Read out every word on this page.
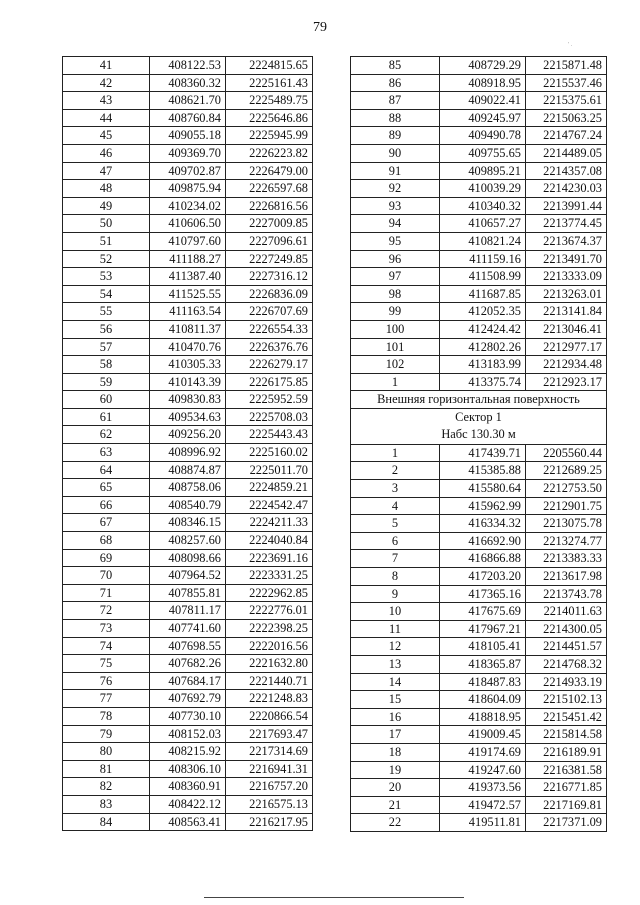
79
' .
41	408122.53	2224815.65
42	408360.32	2225161.43
43	408621.70	2225489.75
44	408760.84	2225646.86
45	409055.18	2225945.99
46	409369.70	2226223.82
47	409702.87	2226479.00
48	409875.94	2226597.68
49	410234.02	2226816.56
50	410606.50	2227009.85
51	410797.60	2227096.61
52	411188.27	2227249.85
53	411387.40	2227316.12
54	411525.55	2226836.09
55	411163.54	2226707.69
56	410811.37	2226554.33
57	410470.76	2226376.76
58	410305.33	2226279.17
59	410143.39	2226175.85
60	409830.83	2225952.59
61	409534.63	2225708.03
62	409256.20	2225443.43
63	408996.92	2225160.02
64	408874.87	2225011.70
65	408758.06	2224859.21
66	408540.79	2224542.47
67	408346.15	2224211.33
68	408257.60	2224040.84
69	408098.66	2223691.16
70	407964.52	2223331.25
71	407855.81	2222962.85
72	407811.17	2222776.01
73	407741.60	2222398.25
74	407698.55	2222016.56
75	407682.26	2221632.80
76	407684.17	2221440.71
77	407692.79	2221248.83
78	407730.10	2220866.54
79	408152.03	2217693.47
80	408215.92	2217314.69
81	408306.10	2216941.31
82	408360.91	2216757.20
83	408422.12	2216575.13
84	408563.41	2216217.95
85	408729.29	2215871.48
86	408918.95	2215537.46
87	409022.41	2215375.61
88	409245.97	2215063.25
89	409490.78	2214767.24
90	409755.65	2214489.05
91	409895.21	2214357.08
92	410039.29	2214230.03
93	410340.32	2213991.44
94	410657.27	2213774.45
95	410821.24	2213674.37
96	411159.16	2213491.70
97	411508.99	2213333.09
98	411687.85	2213263.01
99	412052.35	2213141.84
100	412424.42	2213046.41
101	412802.26	2212977.17
102	413183.99	2212934.48
1	413375.74	2212923.17
Внешняя горизонтальная поверхность		

Сектор 1
Набс 130.30 м		

1	417439.71	2205560.44
2	415385.88	2212689.25
3	415580.64	2212753.50
4	415962.99	2212901.75
5	416334.32	2213075.78
6	416692.90	2213274.77
7	416866.88	2213383.33
8	417203.20	2213617.98
9	417365.16	2213743.78
10	417675.69	2214011.63
11	417967.21	2214300.05
12	418105.41	2214451.57
13	418365.87	2214768.32
14	418487.83	2214933.19
15	418604.09	2215102.13
16	418818.95	2215451.42
17	419009.45	2215814.58
18	419174.69	2216189.91
19	419247.60	2216381.58
20	419373.56	2216771.85
21	419472.57	2217169.81
22	419511.81	2217371.09
